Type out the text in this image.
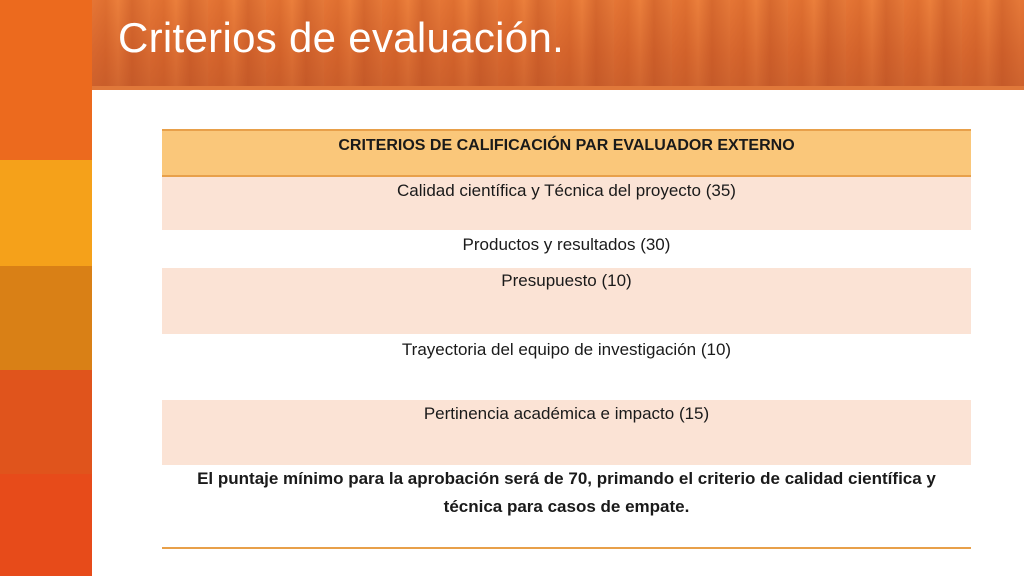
Criterios de evaluación.
CRITERIOS DE CALIFICACIÓN PAR EVALUADOR EXTERNO
Calidad científica y Técnica del proyecto (35)
Productos y resultados (30)
Presupuesto (10)
Trayectoria del equipo de investigación (10)
Pertinencia académica e impacto (15)
El puntaje mínimo para la aprobación será de 70, primando el criterio de calidad científica y técnica para casos de empate.
